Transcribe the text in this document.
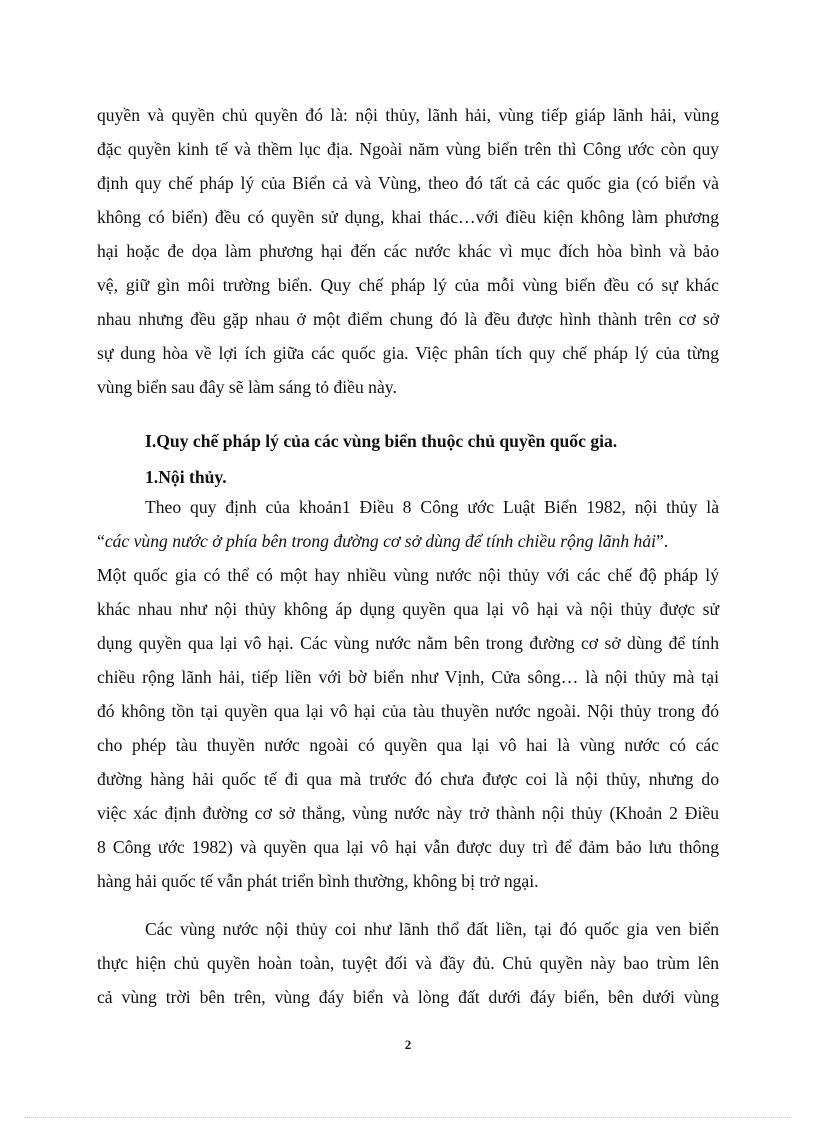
quyền và quyền chủ quyền đó là: nội thủy, lãnh hải, vùng tiếp giáp lãnh hải, vùng
đặc quyền kinh tế và thềm lục địa. Ngoài năm vùng biển trên thì Công ước còn quy
định quy chế pháp lý của Biển cả và Vùng, theo đó tất cả các quốc gia (có biển và
không có biển) đều có quyền sử dụng, khai thác…với điều kiện không làm phương
hại hoặc đe dọa làm phương hại đến các nước khác vì mục đích hòa bình và bảo
vệ, giữ gìn môi trường biển. Quy chế pháp lý của mỗi vùng biển đều có sự khác
nhau nhưng đều gặp nhau ở một điểm chung đó là đều được hình thành trên cơ sở
sự dung hòa về lợi ích giữa các quốc gia. Việc phân tích quy chế pháp lý của từng
vùng biển sau đây sẽ làm sáng tỏ điều này.
I.Quy chế pháp lý của các vùng biển thuộc chủ quyền quốc gia.
1.Nội thủy.
Theo quy định của khoản1 Điều 8 Công ước Luật Biển 1982, nội thủy là
“các vùng nước ở phía bên trong đường cơ sở dùng để tính chiều rộng lãnh hải”.
Một quốc gia có thể có một hay nhiều vùng nước nội thủy với các chế độ pháp lý
khác nhau như nội thủy không áp dụng quyền qua lại vô hại và nội thủy được sử
dụng quyền qua lại vô hại. Các vùng nước nằm bên trong đường cơ sở dùng để tính
chiều rộng lãnh hải, tiếp liền với bờ biển như Vịnh, Cửa sông… là nội thủy mà tại
đó không tồn tại quyền qua lại vô hại của tàu thuyền nước ngoài. Nội thủy trong đó
cho phép tàu thuyền nước ngoài có quyền qua lại vô hai là vùng nước có các
đường hàng hải quốc tế đi qua mà trước đó chưa được coi là nội thủy, nhưng do
việc xác định đường cơ sở thẳng, vùng nước này trở thành nội thủy (Khoản 2 Điều
8 Công ước 1982) và quyền qua lại vô hại vẫn được duy trì để đảm bảo lưu thông
hàng hải quốc tế vẫn phát triển bình thường, không bị trở ngại.
Các vùng nước nội thủy coi như lãnh thổ đất liền, tại đó quốc gia ven biển
thực hiện chủ quyền hoàn toàn, tuyệt đối và đầy đủ. Chủ quyền này bao trùm lên
cả vùng trời bên trên, vùng đáy biển và lòng đất dưới đáy biển, bên dưới vùng
2
